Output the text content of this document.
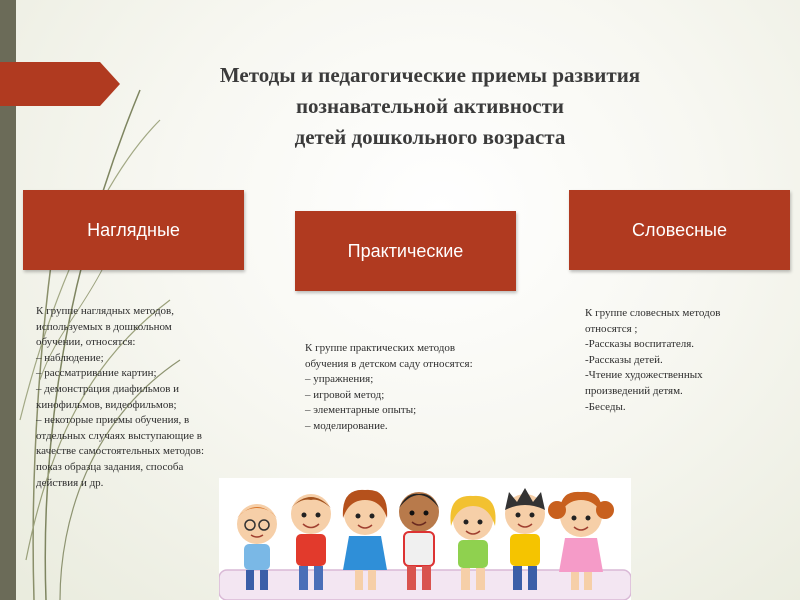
Методы и педагогические приемы развития
познавательной активности
детей дошкольного возраста
Наглядные
Практические
Словесные
К группе наглядных методов,
используемых в дошкольном
обучении, относятся:
– наблюдение;
– рассматривание картин;
– демонстрация диафильмов и
кинофильмов, видеофильмов;
– некоторые приемы обучения, в
отдельных случаях выступающие в
качестве самостоятельных методов:
показ образца задания, способа
действия и др.
К группе практических методов
обучения в детском саду относятся:
– упражнения;
– игровой метод;
– элементарные опыты;
– моделирование.
К группе словесных методов
относятся ;
-Рассказы воспитателя.
-Рассказы детей.
-Чтение художественных
произведений детям.
-Беседы.
